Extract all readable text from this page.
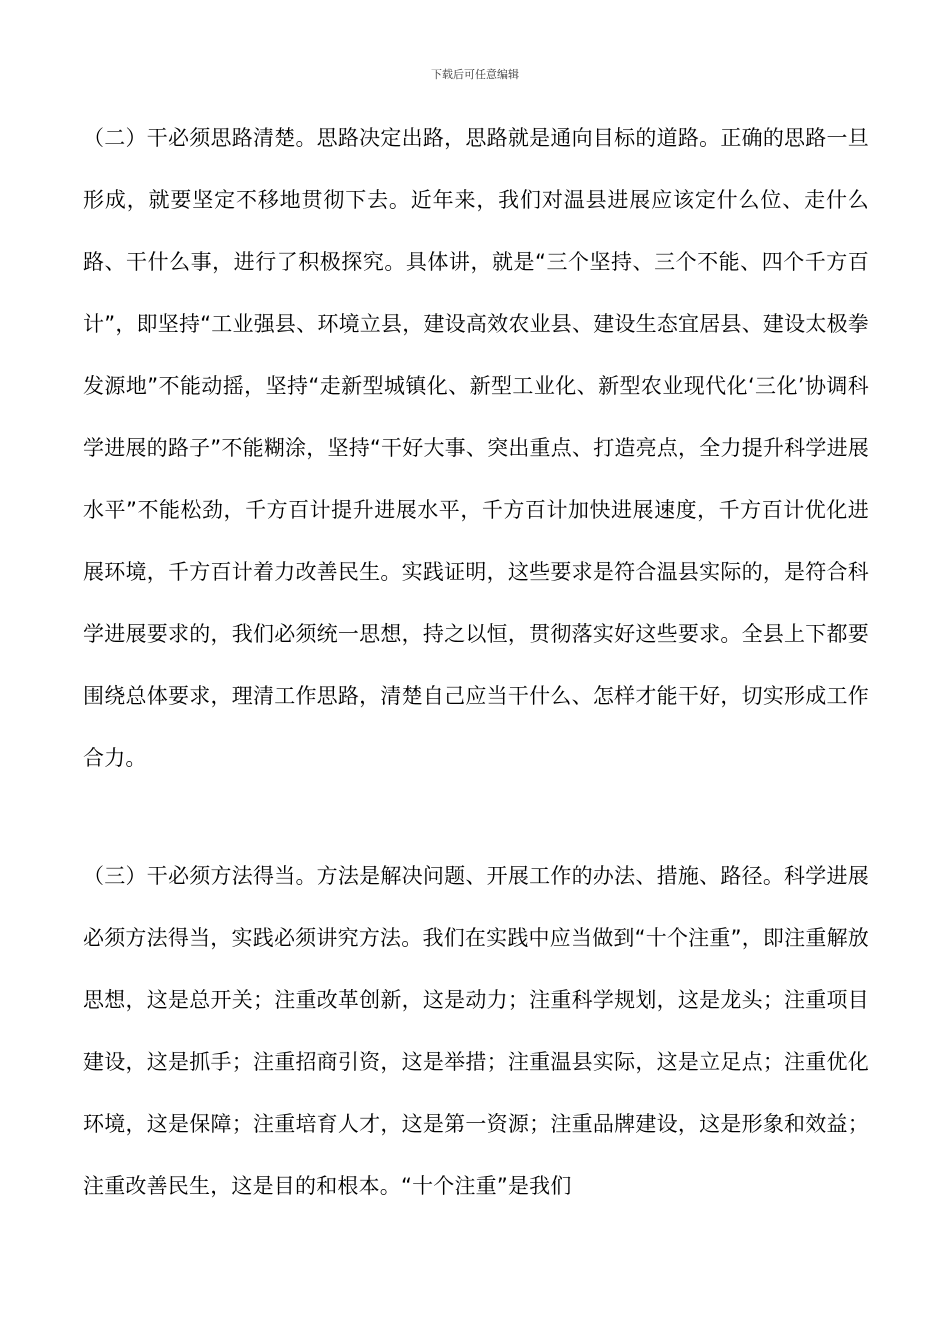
下载后可任意编辑

（二）干必须思路清楚。思路决定出路，思路就是通向目标的道路。正确的思路一旦形成，就要坚定不移地贯彻下去。近年来，我们对温县进展应该定什么位、走什么路、干什么事，进行了积极探究。具体讲，就是“三个坚持、三个不能、四个千方百计”，即坚持“工业强县、环境立县，建设高效农业县、建设生态宜居县、建设太极拳发源地”不能动摇，坚持“走新型城镇化、新型工业化、新型农业现代化‘三化’协调科学进展的路子”不能糊涂，坚持“干好大事、突出重点、打造亮点，全力提升科学进展水平”不能松劲，千方百计提升进展水平，千方百计加快进展速度，千方百计优化进展环境，千方百计着力改善民生。实践证明，这些要求是符合温县实际的，是符合科学进展要求的，我们必须统一思想，持之以恒，贯彻落实好这些要求。全县上下都要围绕总体要求，理清工作思路，清楚自己应当干什么、怎样才能干好，切实形成工作合力。

（三）干必须方法得当。方法是解决问题、开展工作的办法、措施、路径。科学进展必须方法得当，实践必须讲究方法。我们在实践中应当做到“十个注重”，即注重解放思想，这是总开关；注重改革创新，这是动力；注重科学规划，这是龙头；注重项目建设，这是抓手；注重招商引资，这是举措；注重温县实际，这是立足点；注重优化环境，这是保障；注重培育人才，这是第一资源；注重品牌建设，这是形象和效益；注重改善民生，这是目的和根本。“十个注重”是我们
